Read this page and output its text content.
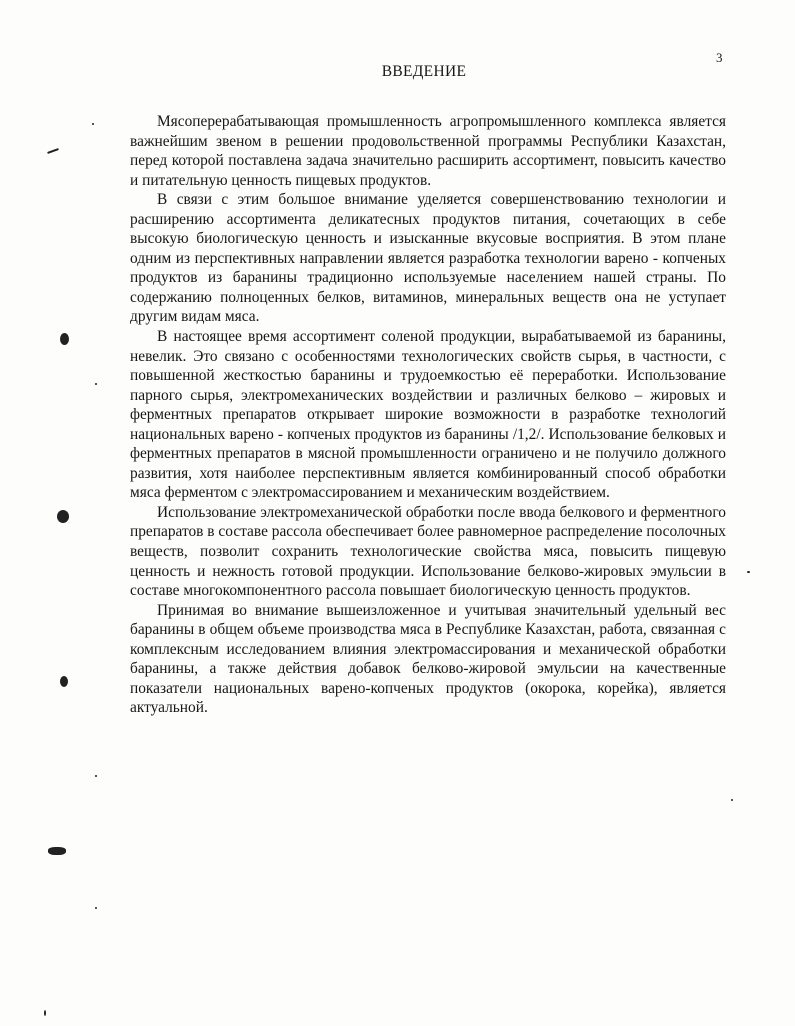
3
ВВЕДЕНИЕ

Мясоперерабатывающая промышленность агропромышленного комплекса является важнейшим звеном в решении продовольственной программы Республики Казахстан, перед которой поставлена задача значительно расширить ассортимент, повысить качество и питательную ценность пищевых продуктов.

В связи с этим большое внимание уделяется совершенствованию технологии и расширению ассортимента деликатесных продуктов питания, сочетающих в себе высокую биологическую ценность и изысканные вкусовые восприятия. В этом плане одним из перспективных направлении является разработка технологии варено - копченых продуктов из баранины традиционно используемые населением нашей страны. По содержанию полноценных белков, витаминов, минеральных веществ она не уступает другим видам мяса.

В настоящее время ассортимент соленой продукции, вырабатываемой из баранины, невелик. Это связано с особенностями технологических свойств сырья, в частности, с повышенной жесткостью баранины и трудоемкостью её переработки. Использование парного сырья, электромеханических воздействии и различных белково – жировых и ферментных препаратов открывает широкие возможности в разработке технологий национальных варено - копченых продуктов из баранины /1,2/. Использование белковых и ферментных препаратов в мясной промышленности ограничено и не получило должного развития, хотя наиболее перспективным является комбинированный способ обработки мяса ферментом с электромассированием и механическим воздействием.

Использование электромеханической обработки после ввода белкового и ферментного препаратов в составе рассола обеспечивает более равномерное распределение посолочных веществ, позволит сохранить технологические свойства мяса, повысить пищевую ценность и нежность готовой продукции. Использование белково-жировых эмульсии в составе многокомпонентного рассола повышает биологическую ценность продуктов.

Принимая во внимание вышеизложенное и учитывая значительный удельный вес баранины в общем объеме производства мяса в Республике Казахстан, работа, связанная с комплексным исследованием влияния электромассирования и механической обработки баранины, а также действия добавок белково-жировой эмульсии на качественные показатели национальных варено-копченых продуктов (окорока, корейка), является актуальной.
